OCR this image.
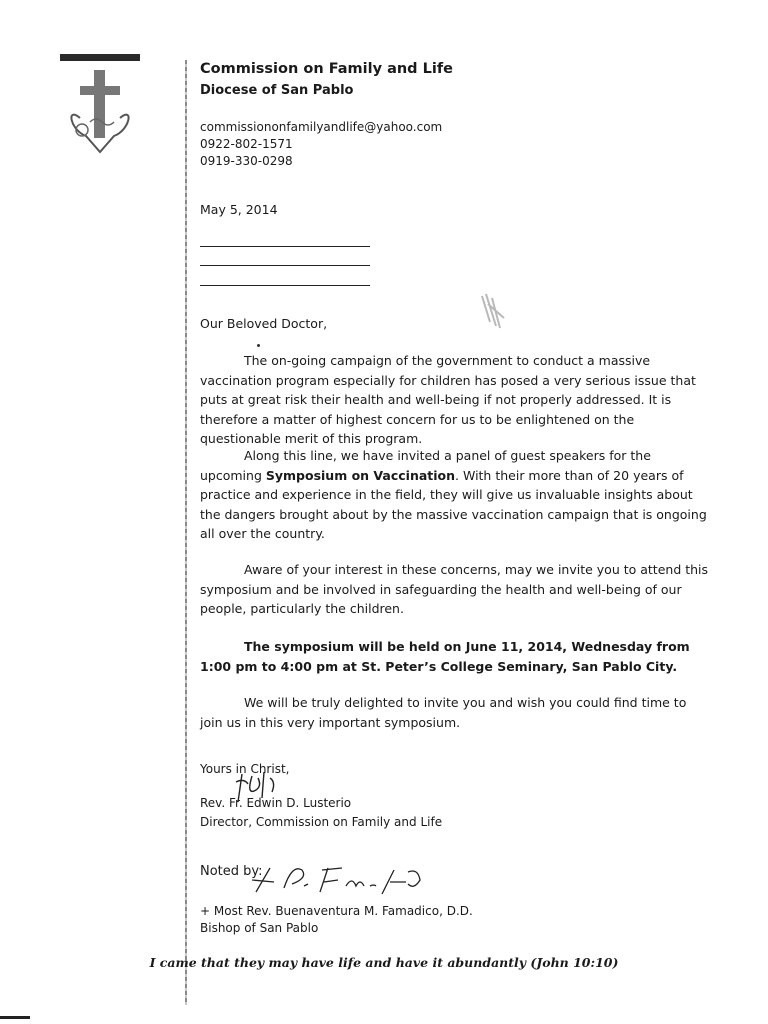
Commission on Family and Life
Diocese of San Pablo
commissiononfamilyandlife@yahoo.com
0922-802-1571
0919-330-0298
May 5, 2014
Our Beloved Doctor,

The on-going campaign of the government to conduct a massive vaccination program especially for children has posed a very serious issue that puts at great risk their health and well-being if not properly addressed. It is therefore a matter of highest concern for us to be enlightened on the questionable merit of this program.

Along this line, we have invited a panel of guest speakers for the upcoming Symposium on Vaccination. With their more than of 20 years of practice and experience in the field, they will give us invaluable insights about the dangers brought about by the massive vaccination campaign that is ongoing all over the country.

Aware of your interest in these concerns, may we invite you to attend this symposium and be involved in safeguarding the health and well-being of our people, particularly the children.

The symposium will be held on June 11, 2014, Wednesday from 1:00 pm to 4:00 pm at St. Peter’s College Seminary, San Pablo City.

We will be truly delighted to invite you and wish you could find time to join us in this very important symposium.

Yours in Christ,
Rev. Fr. Edwin D. Lusterio
Director, Commission on Family and Life
Noted by:
+ Most Rev. Buenaventura M. Famadico, D.D.
Bishop of San Pablo
I came that they may have life and have it abundantly (John 10:10)
